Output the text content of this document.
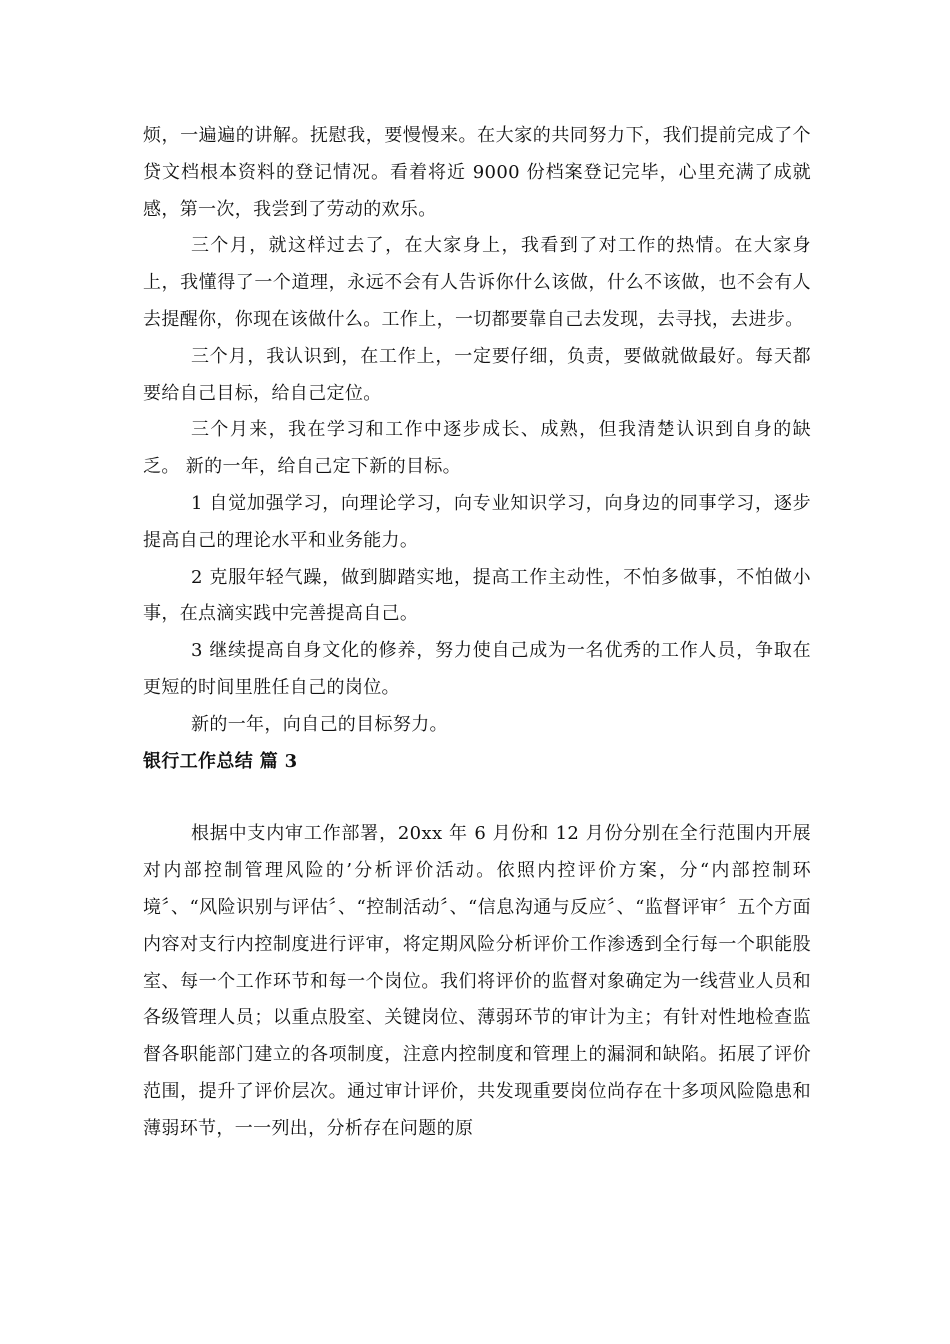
烦，一遍遍的讲解。抚慰我，要慢慢来。在大家的共同努力下，我们提前完成了个贷文档根本资料的登记情况。看着将近 9000 份档案登记完毕，心里充满了成就感，第一次，我尝到了劳动的欢乐。

三个月，就这样过去了，在大家身上，我看到了对工作的热情。在大家身上，我懂得了一个道理，永远不会有人告诉你什么该做，什么不该做，也不会有人去提醒你，你现在该做什么。工作上，一切都要靠自己去发现，去寻找，去进步。

三个月，我认识到，在工作上，一定要仔细，负责，要做就做最好。每天都要给自己目标，给自己定位。

三个月来，我在学习和工作中逐步成长、成熟，但我清楚认识到自身的缺乏。 新的一年，给自己定下新的目标。

1 自觉加强学习，向理论学习，向专业知识学习，向身边的同事学习，逐步提高自己的理论水平和业务能力。

2 克服年轻气躁，做到脚踏实地，提高工作主动性，不怕多做事，不怕做小事，在点滴实践中完善提高自己。

3 继续提高自身文化的修养，努力使自己成为一名优秀的工作人员，争取在更短的时间里胜任自己的岗位。

新的一年，向自己的目标努力。

银行工作总结 篇 3

根据中支内审工作部署，20xx 年 6 月份和 12 月份分别在全行范围内开展对内部控制管理风险的’分析评价活动。依照内控评价方案，分“内部控制环境〞、“风险识别与评估〞、“控制活动〞、“信息沟通与反应〞、“监督评审〞五个方面内容对支行内控制度进行评审，将定期风险分析评价工作渗透到全行每一个职能股室、每一个工作环节和每一个岗位。我们将评价的监督对象确定为一线营业人员和各级管理人员；以重点股室、关键岗位、薄弱环节的审计为主；有针对性地检查监督各职能部门建立的各项制度，注意内控制度和管理上的漏洞和缺陷。拓展了评价范围，提升了评价层次。通过审计评价，共发现重要岗位尚存在十多项风险隐患和薄弱环节，一一列出，分析存在问题的原
